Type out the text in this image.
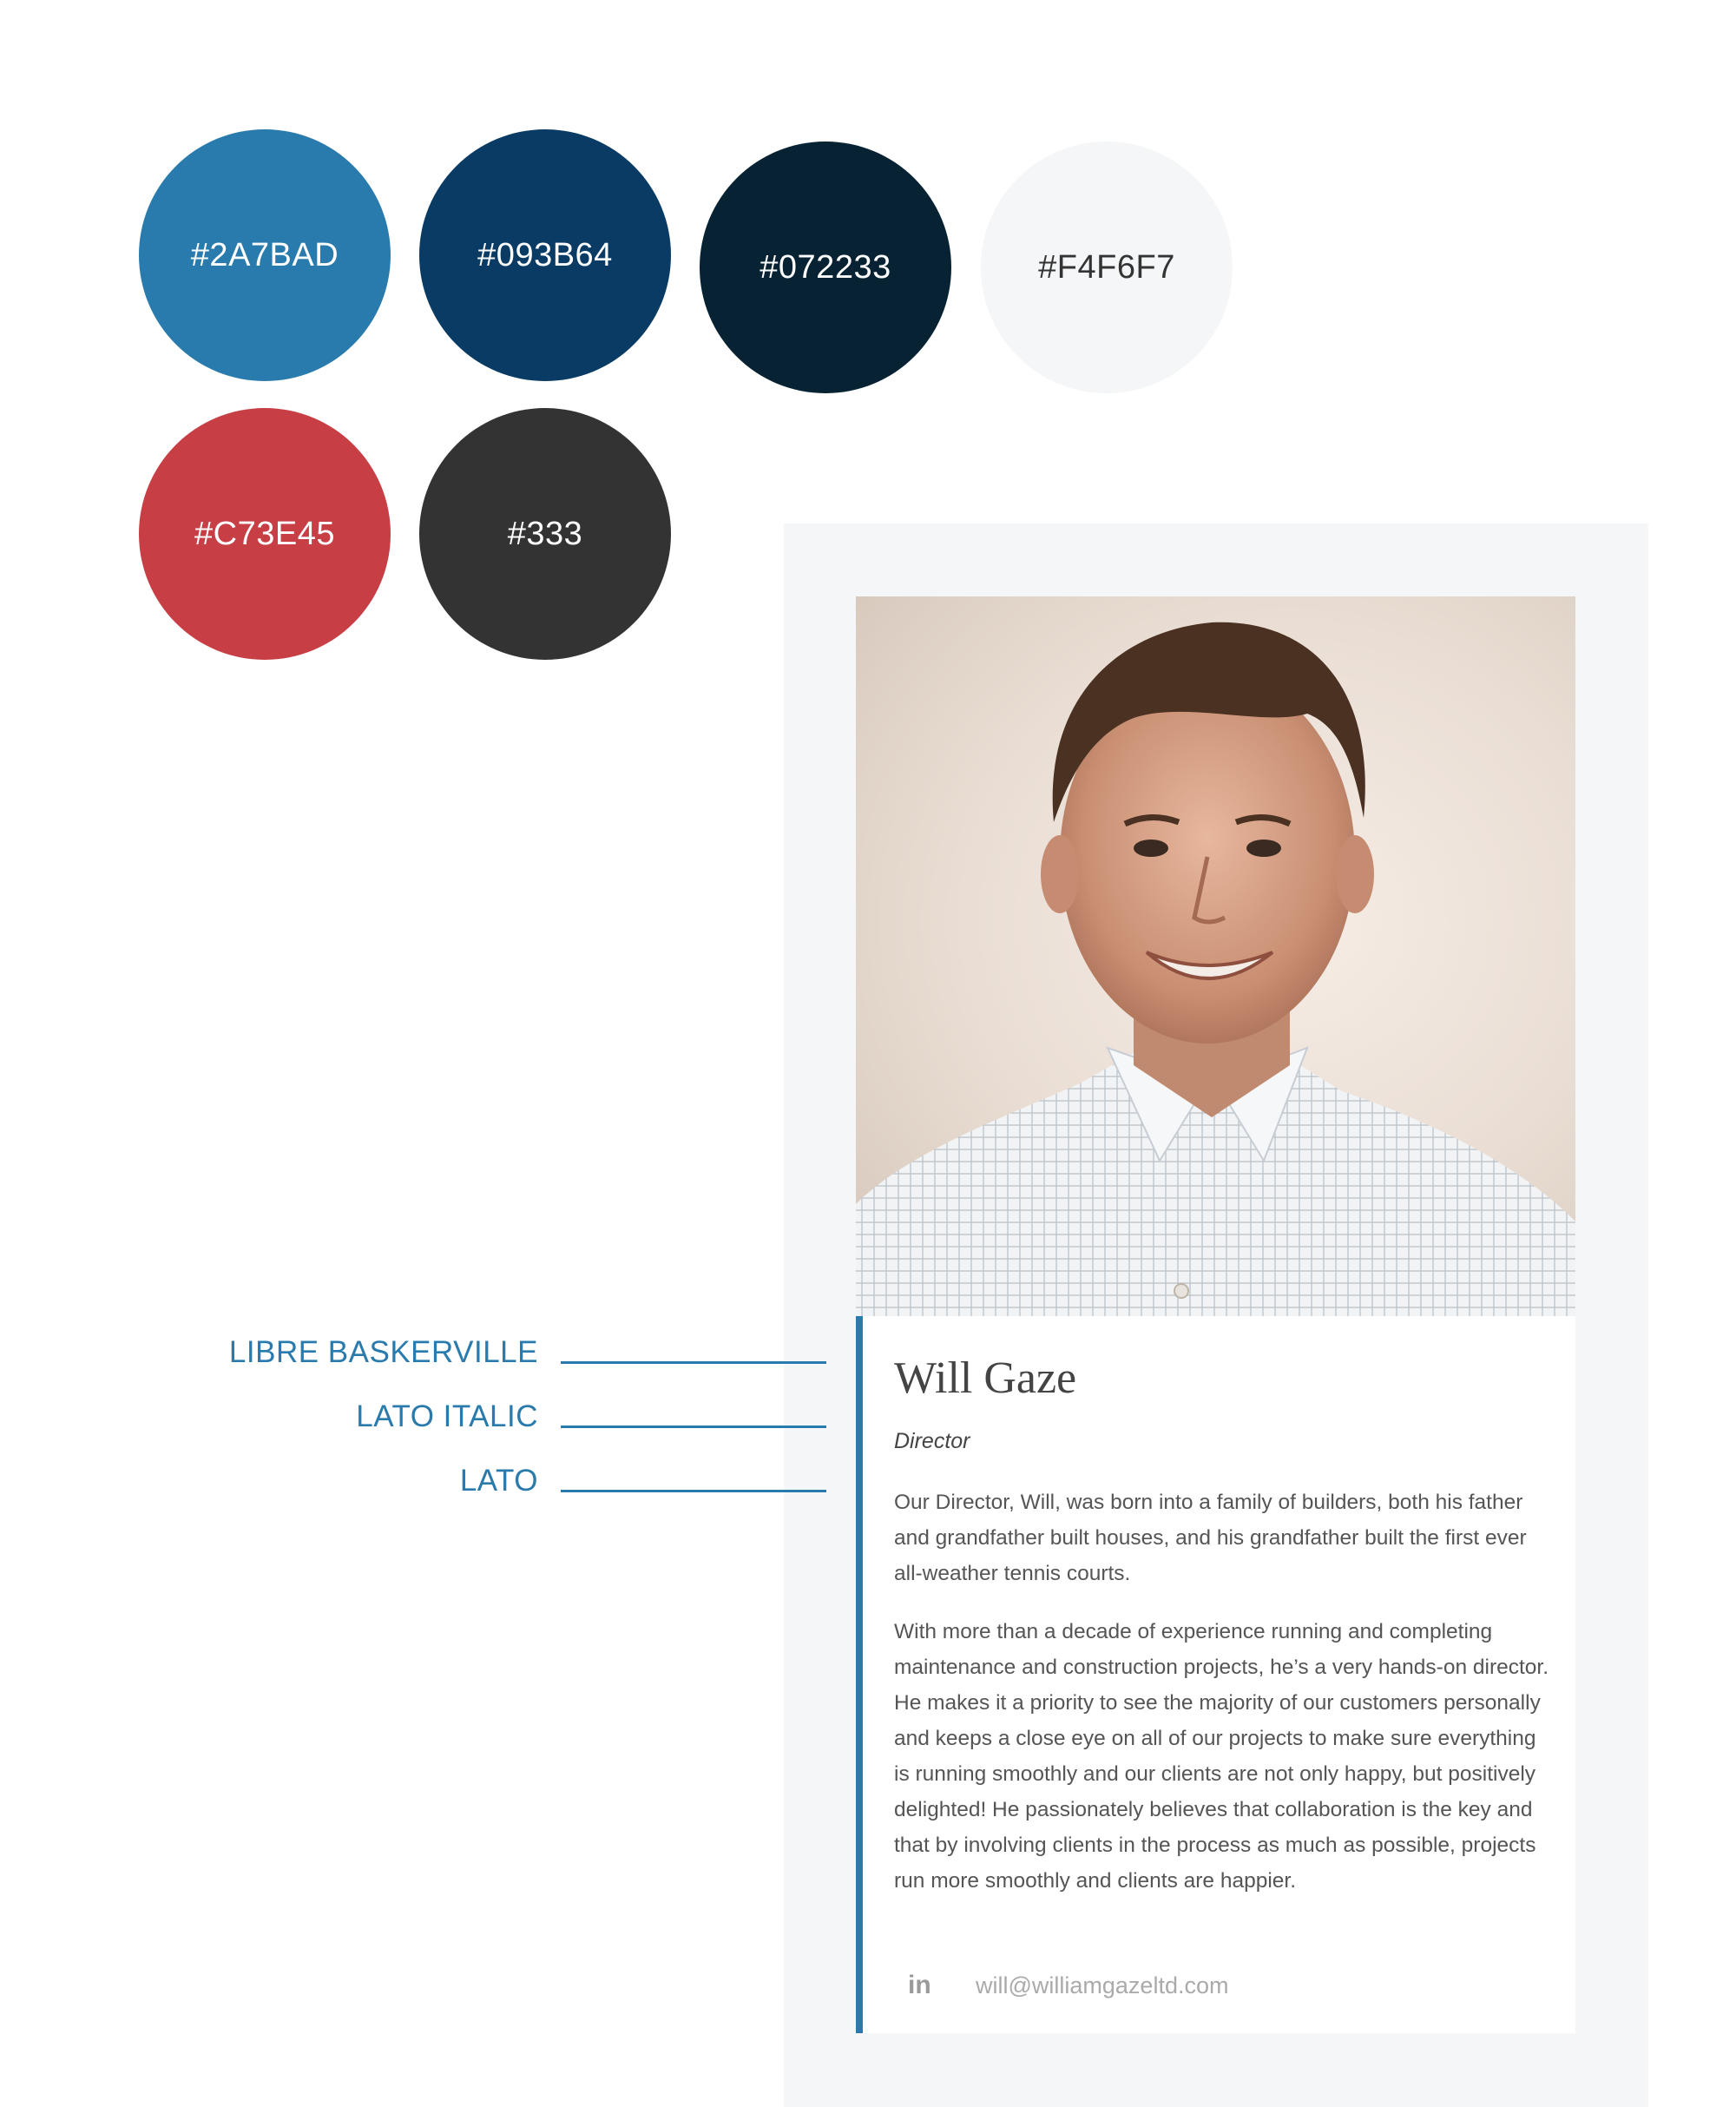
#2A7BAD	#093B64	#072233	#F4F6F7
#C73E45	#333
LIBRE BASKERVILLE
LATO ITALIC
LATO
Will Gaze
Director

Our Director, Will, was born into a family of builders, both his father and grandfather built houses, and his grandfather built the first ever all-weather tennis courts.

With more than a decade of experience running and completing maintenance and construction projects, he’s a very hands-on director. He makes it a priority to see the majority of our customers personally and keeps a close eye on all of our projects to make sure everything is running smoothly and our clients are not only happy, but positively delighted! He passionately believes that collaboration is the key and that by involving clients in the process as much as possible, projects run more smoothly and clients are happier.

in will@williamgazeltd.com
